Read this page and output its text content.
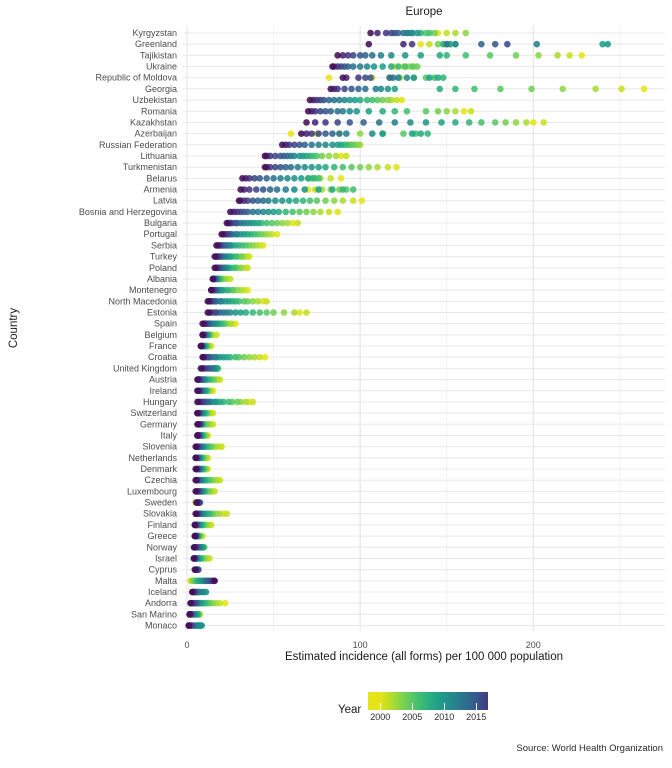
Europe
Country
0	100	200
Kyrgyzstan
Greenland
Tajikistan
Ukraine
Republic of Moldova
Georgia
Uzbekistan
Romania
Kazakhstan
Azerbaijan
Russian Federation
Lithuania
Turkmenistan
Belarus
Armenia
Latvia
Bosnia and Herzegovina
Bulgaria
Portugal
Serbia
Turkey
Poland
Albania
Montenegro
North Macedonia
Estonia
Spain
Belgium
France
Croatia
United Kingdom
Austria
Ireland
Hungary
Switzerland
Germany
Italy
Slovenia
Netherlands
Denmark
Czechia
Luxembourg
Sweden
Slovakia
Finland
Greece
Norway
Israel
Cyprus
Malta
Iceland
Andorra
San Marino
Monaco
Estimated incidence (all forms) per 100 000 population
Year
2000	2005	2010	2015
Source: World Health Organization
